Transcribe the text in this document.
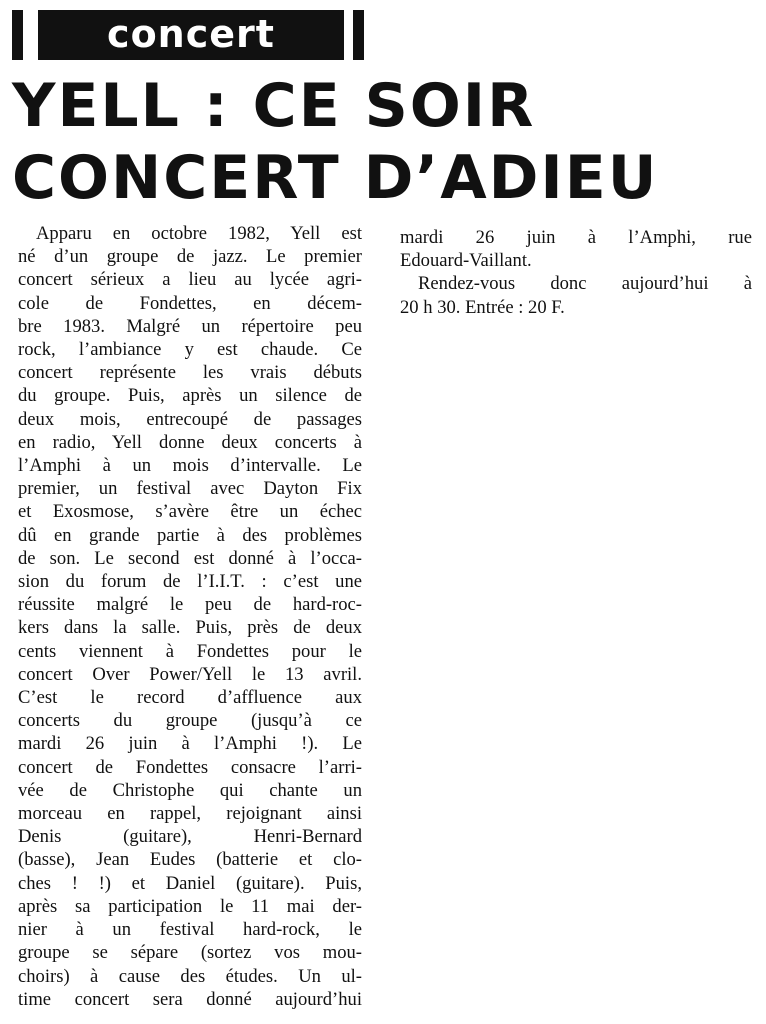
concert
YELL : CE SOIR
CONCERT D’ADIEU
Apparu en octobre 1982, Yell est
né d’un groupe de jazz. Le premier
concert sérieux a lieu au lycée agri-
cole de Fondettes, en décem-
bre 1983. Malgré un répertoire peu
rock, l’ambiance y est chaude. Ce
concert représente les vrais débuts
du groupe. Puis, après un silence de
deux mois, entrecoupé de passages
en radio, Yell donne deux concerts à
l’Amphi à un mois d’intervalle. Le
premier, un festival avec Dayton Fix
et Exosmose, s’avère être un échec
dû en grande partie à des problèmes
de son. Le second est donné à l’occa-
sion du forum de l’I.I.T. : c’est une
réussite malgré le peu de hard-roc-
kers dans la salle. Puis, près de deux
cents viennent à Fondettes pour le
concert Over Power/Yell le 13 avril.
C’est le record d’affluence aux
concerts du groupe (jusqu’à ce
mardi 26 juin à l’Amphi !). Le
concert de Fondettes consacre l’arri-
vée de Christophe qui chante un
morceau en rappel, rejoignant ainsi
Denis (guitare), Henri-Bernard
(basse), Jean Eudes (batterie et clo-
ches ! !) et Daniel (guitare). Puis,
après sa participation le 11 mai der-
nier à un festival hard-rock, le
groupe se sépare (sortez vos mou-
choirs) à cause des études. Un ul-
time concert sera donné aujourd’hui
mardi 26 juin à l’Amphi, rue
Edouard-Vaillant.
Rendez-vous donc aujourd’hui à
20 h 30. Entrée : 20 F.
